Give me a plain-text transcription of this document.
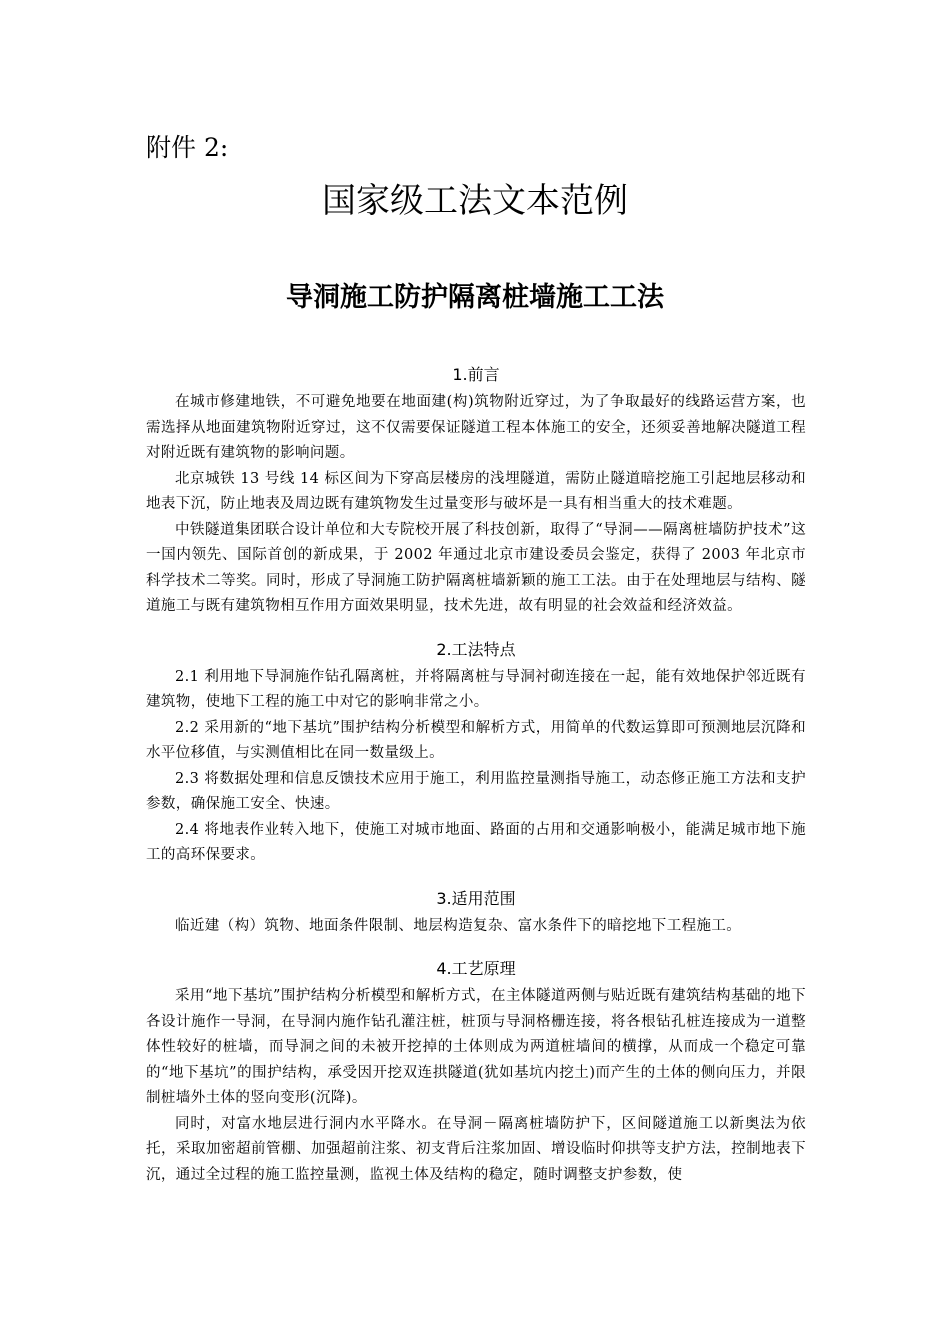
附件 2:
国家级工法文本范例
导洞施工防护隔离桩墙施工工法
1.前言

在城市修建地铁，不可避免地要在地面建(构)筑物附近穿过，为了争取最好的线路运营方案，也需选择从地面建筑物附近穿过，这不仅需要保证隧道工程本体施工的安全，还须妥善地解决隧道工程对附近既有建筑物的影响问题。

北京城铁 13 号线 14 标区间为下穿高层楼房的浅埋隧道，需防止隧道暗挖施工引起地层移动和地表下沉，防止地表及周边既有建筑物发生过量变形与破坏是一具有相当重大的技术难题。

中铁隧道集团联合设计单位和大专院校开展了科技创新，取得了“导洞——隔离桩墙防护技术”这一国内领先、国际首创的新成果，于 2002 年通过北京市建设委员会鉴定，获得了 2003 年北京市科学技术二等奖。同时，形成了导洞施工防护隔离桩墙新颖的施工工法。由于在处理地层与结构、隧道施工与既有建筑物相互作用方面效果明显，技术先进，故有明显的社会效益和经济效益。

2.工法特点

2.1 利用地下导洞施作钻孔隔离桩，并将隔离桩与导洞衬砌连接在一起，能有效地保护邻近既有建筑物，使地下工程的施工中对它的影响非常之小。

2.2 采用新的“地下基坑”围护结构分析模型和解析方式，用简单的代数运算即可预测地层沉降和水平位移值，与实测值相比在同一数量级上。

2.3 将数据处理和信息反馈技术应用于施工，利用监控量测指导施工，动态修正施工方法和支护参数，确保施工安全、快速。

2.4 将地表作业转入地下，使施工对城市地面、路面的占用和交通影响极小，能满足城市地下施工的高环保要求。

3.适用范围

临近建（构）筑物、地面条件限制、地层构造复杂、富水条件下的暗挖地下工程施工。

4.工艺原理

采用“地下基坑”围护结构分析模型和解析方式，在主体隧道两侧与贴近既有建筑结构基础的地下各设计施作一导洞，在导洞内施作钻孔灌注桩，桩顶与导洞格栅连接，将各根钻孔桩连接成为一道整体性较好的桩墙，而导洞之间的未被开挖掉的土体则成为两道桩墙间的横撑，从而成一个稳定可靠的“地下基坑”的围护结构，承受因开挖双连拱隧道(犹如基坑内挖土)而产生的土体的侧向压力，并限制桩墙外土体的竖向变形(沉降)。

同时，对富水地层进行洞内水平降水。在导洞－隔离桩墙防护下，区间隧道施工以新奥法为依托，采取加密超前管棚、加强超前注浆、初支背后注浆加固、增设临时仰拱等支护方法，控制地表下沉，通过全过程的施工监控量测，监视土体及结构的稳定，随时调整支护参数，使
